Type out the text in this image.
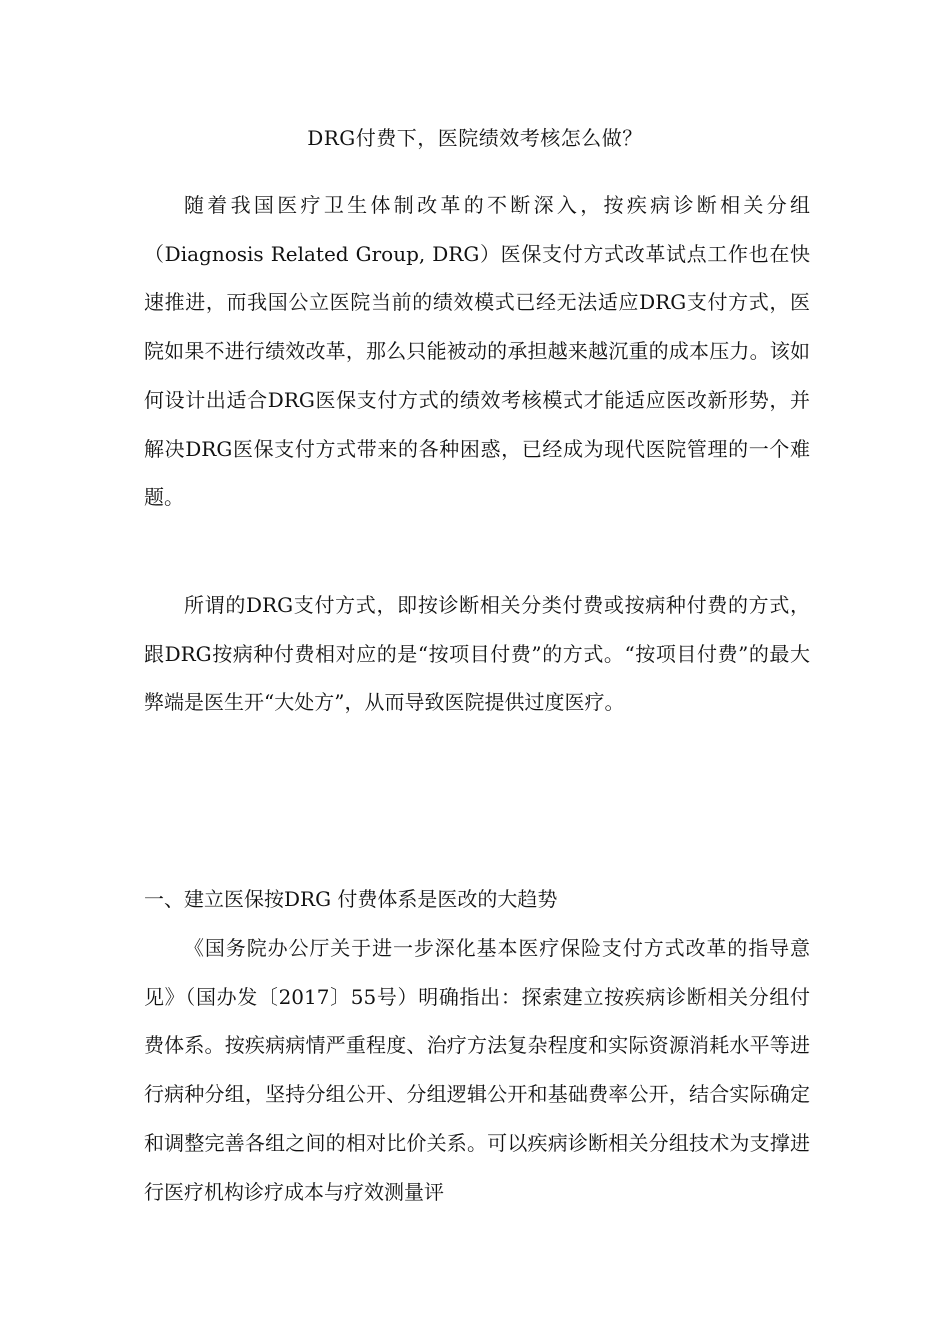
DRG付费下，医院绩效考核怎么做？

随着我国医疗卫生体制改革的不断深入，按疾病诊断相关分组（Diagnosis Related Group, DRG）医保支付方式改革试点工作也在快速推进，而我国公立医院当前的绩效模式已经无法适应DRG支付方式，医院如果不进行绩效改革，那么只能被动的承担越来越沉重的成本压力。该如何设计出适合DRG医保支付方式的绩效考核模式才能适应医改新形势，并解决DRG医保支付方式带来的各种困惑，已经成为现代医院管理的一个难题。

所谓的DRG支付方式，即按诊断相关分类付费或按病种付费的方式，跟DRG按病种付费相对应的是“按项目付费”的方式。“按项目付费”的最大弊端是医生开“大处方”，从而导致医院提供过度医疗。

一、建立医保按DRG 付费体系是医改的大趋势

《国务院办公厅关于进一步深化基本医疗保险支付方式改革的指导意见》（国办发〔2017〕55号）明确指出：探索建立按疾病诊断相关分组付费体系。按疾病病情严重程度、治疗方法复杂程度和实际资源消耗水平等进行病种分组，坚持分组公开、分组逻辑公开和基础费率公开，结合实际确定和调整完善各组之间的相对比价关系。可以疾病诊断相关分组技术为支撑进行医疗机构诊疗成本与疗效测量评
